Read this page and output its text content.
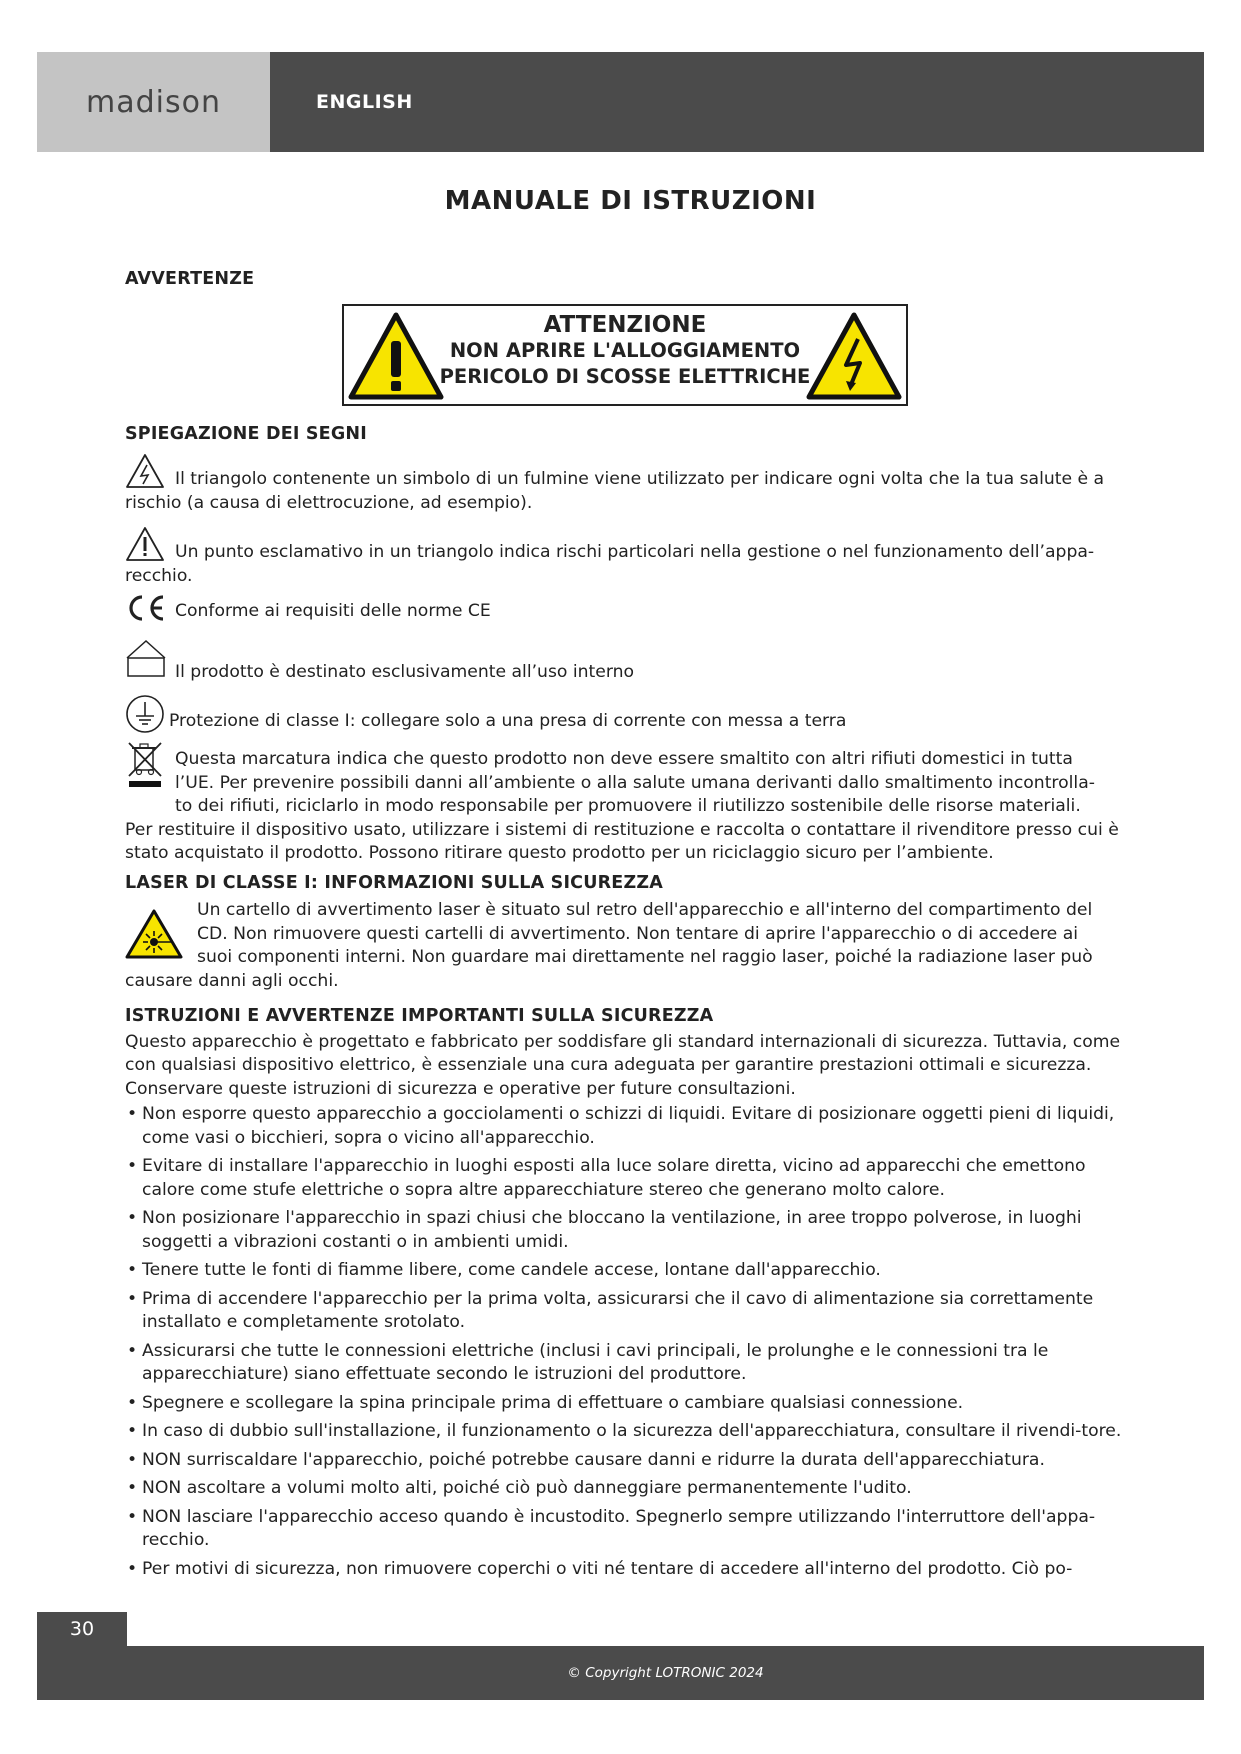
madison	ENGLISH
MANUALE DI ISTRUZIONI
AVVERTENZE
ATTENZIONE
NON APRIRE L'ALLOGGIAMENTO
PERICOLO DI SCOSSE ELETTRICHE
SPIEGAZIONE DEI SEGNI
Il triangolo contenente un simbolo di un fulmine viene utilizzato per indicare ogni volta che la tua salute è a rischio (a causa di elettrocuzione, ad esempio).
Un punto esclamativo in un triangolo indica rischi particolari nella gestione o nel funzionamento dell’appa-recchio.
Conforme ai requisiti delle norme CE
Il prodotto è destinato esclusivamente all’uso interno
Protezione di classe I: collegare solo a una presa di corrente con messa a terra
Questa marcatura indica che questo prodotto non deve essere smaltito con altri rifiuti domestici in tutta
l’UE. Per prevenire possibili danni all’ambiente o alla salute umana derivanti dallo smaltimento incontrolla-
to dei rifiuti, riciclarlo in modo responsabile per promuovere il riutilizzo sostenibile delle risorse materiali.
Per restituire il dispositivo usato, utilizzare i sistemi di restituzione e raccolta o contattare il rivenditore presso cui è stato acquistato il prodotto. Possono ritirare questo prodotto per un riciclaggio sicuro per l’ambiente.
LASER DI CLASSE I: INFORMAZIONI SULLA SICUREZZA
Un cartello di avvertimento laser è situato sul retro dell'apparecchio e all'interno del compartimento del
CD. Non rimuovere questi cartelli di avvertimento. Non tentare di aprire l'apparecchio o di accedere ai
suoi componenti interni. Non guardare mai direttamente nel raggio laser, poiché la radiazione laser può
causare danni agli occhi.
ISTRUZIONI E AVVERTENZE IMPORTANTI SULLA SICUREZZA
Questo apparecchio è progettato e fabbricato per soddisfare gli standard internazionali di sicurezza. Tuttavia, come con qualsiasi dispositivo elettrico, è essenziale una cura adeguata per garantire prestazioni ottimali e sicurezza. Conservare queste istruzioni di sicurezza e operative per future consultazioni.
• Non esporre questo apparecchio a gocciolamenti o schizzi di liquidi. Evitare di posizionare oggetti pieni di liquidi, come vasi o bicchieri, sopra o vicino all'apparecchio.
• Evitare di installare l'apparecchio in luoghi esposti alla luce solare diretta, vicino ad apparecchi che emettono calore come stufe elettriche o sopra altre apparecchiature stereo che generano molto calore.
• Non posizionare l'apparecchio in spazi chiusi che bloccano la ventilazione, in aree troppo polverose, in luoghi soggetti a vibrazioni costanti o in ambienti umidi.
• Tenere tutte le fonti di fiamme libere, come candele accese, lontane dall'apparecchio.
• Prima di accendere l'apparecchio per la prima volta, assicurarsi che il cavo di alimentazione sia correttamente installato e completamente srotolato.
• Assicurarsi che tutte le connessioni elettriche (inclusi i cavi principali, le prolunghe e le connessioni tra le apparecchiature) siano effettuate secondo le istruzioni del produttore.
• Spegnere e scollegare la spina principale prima di effettuare o cambiare qualsiasi connessione.
• In caso di dubbio sull'installazione, il funzionamento o la sicurezza dell'apparecchiatura, consultare il rivendi-tore.
• NON surriscaldare l'apparecchio, poiché potrebbe causare danni e ridurre la durata dell'apparecchiatura.
• NON ascoltare a volumi molto alti, poiché ciò può danneggiare permanentemente l'udito.
• NON lasciare l'apparecchio acceso quando è incustodito. Spegnerlo sempre utilizzando l'interruttore dell'appa-recchio.
• Per motivi di sicurezza, non rimuovere coperchi o viti né tentare di accedere all'interno del prodotto. Ciò po-
30
© Copyright LOTRONIC 2024
